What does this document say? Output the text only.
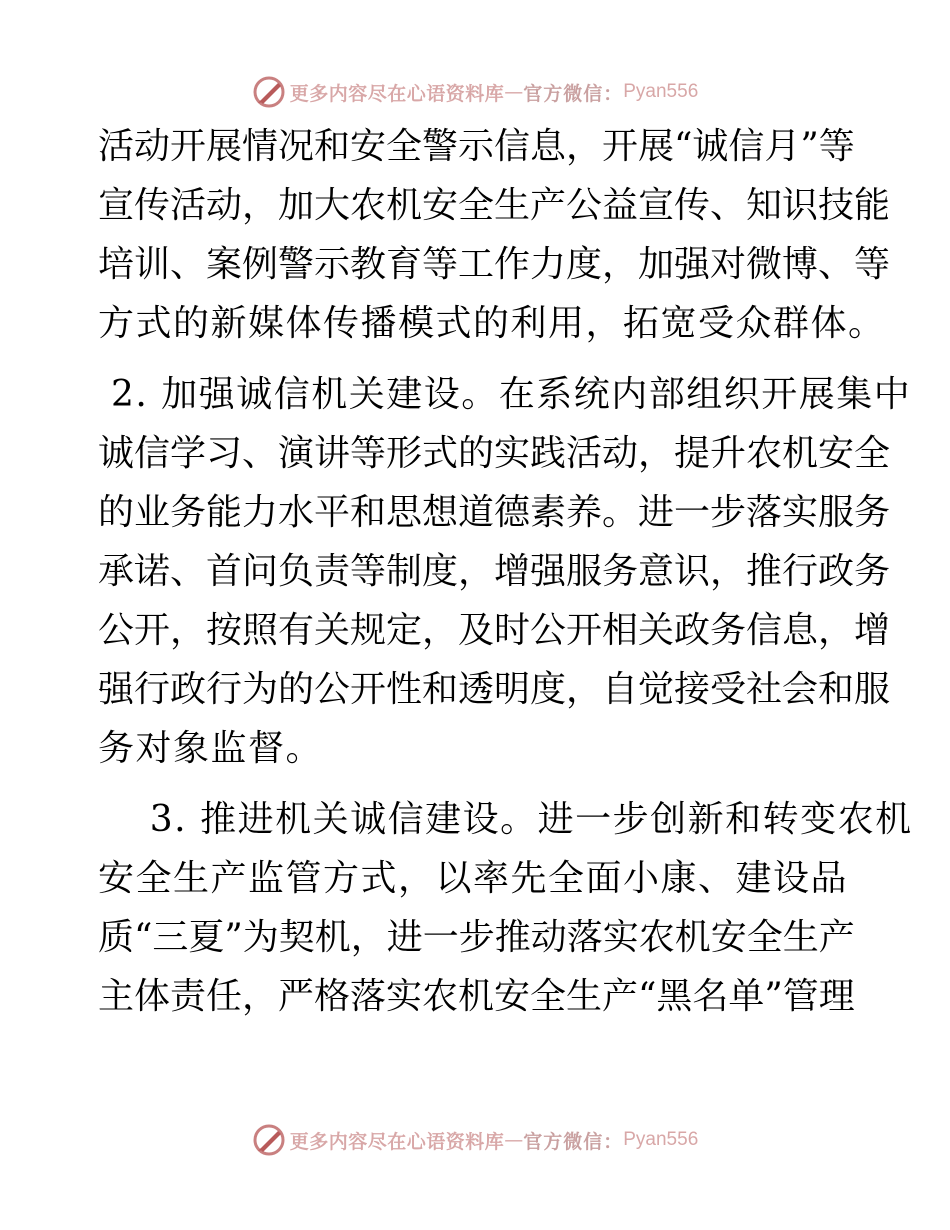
更多内容尽在心语资料库 — 官方微信： Pyan556
活动开展情况和安全警示信息，开展“诚信月”等
宣传活动，加大农机安全生产公益宣传、知识技能
培训、案例警示教育等工作力度，加强对微博、等
方式的新媒体传播模式的利用，拓宽受众群体。
2. 加强诚信机关建设。在系统内部组织开展集中
诚信学习、演讲等形式的实践活动，提升农机安全
的业务能力水平和思想道德素养。进一步落实服务
承诺、首问负责等制度，增强服务意识，推行政务
公开，按照有关规定，及时公开相关政务信息，增
强行政行为的公开性和透明度，自觉接受社会和服
务对象监督。
3. 推进机关诚信建设。进一步创新和转变农机
安全生产监管方式，以率先全面小康、建设品
质“三夏”为契机，进一步推动落实农机安全生产
主体责任，严格落实农机安全生产“黑名单”管理
更多内容尽在心语资料库 — 官方微信： Pyan556
